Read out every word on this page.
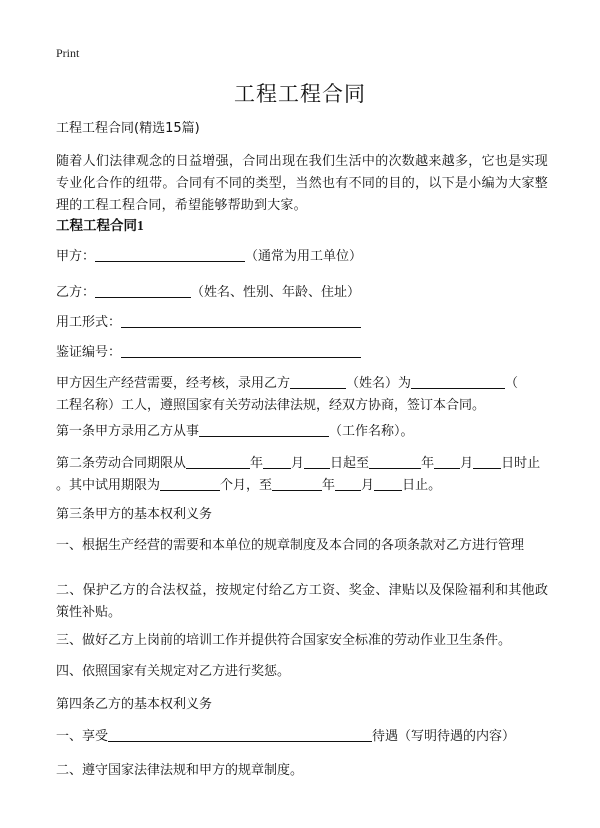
Print
工程工程合同
工程工程合同(精选15篇)
随着人们法律观念的日益增强，合同出现在我们生活中的次数越来越多，它也是实现专业化合作的纽带。合同有不同的类型，当然也有不同的目的，以下是小编为大家整理的工程工程合同，希望能够帮助到大家。
工程工程合同1
甲方：	（通常为用工单位）
乙方：	（姓名、性别、年龄、住址）
用工形式：
鉴证编号：
甲方因生产经营需要，经考核，录用乙方	（姓名）为	（
工程名称）工人，遵照国家有关劳动法律法规，经双方协商，签订本合同。
第一条甲方录用乙方从事	（工作名称）。
第二条劳动合同期限从	年 月 日起至	年 月 日时止
。其中试用期限为	个月，至	年 月 日止。
第三条甲方的基本权利义务
一、根据生产经营的需要和本单位的规章制度及本合同的各项条款对乙方进行管理
二、保护乙方的合法权益，按规定付给乙方工资、奖金、津贴以及保险福利和其他政策性补贴。
三、做好乙方上岗前的培训工作并提供符合国家安全标准的劳动作业卫生条件。
四、依照国家有关规定对乙方进行奖惩。
第四条乙方的基本权利义务
一、享受	待遇（写明待遇的内容）
二、遵守国家法律法规和甲方的规章制度。
